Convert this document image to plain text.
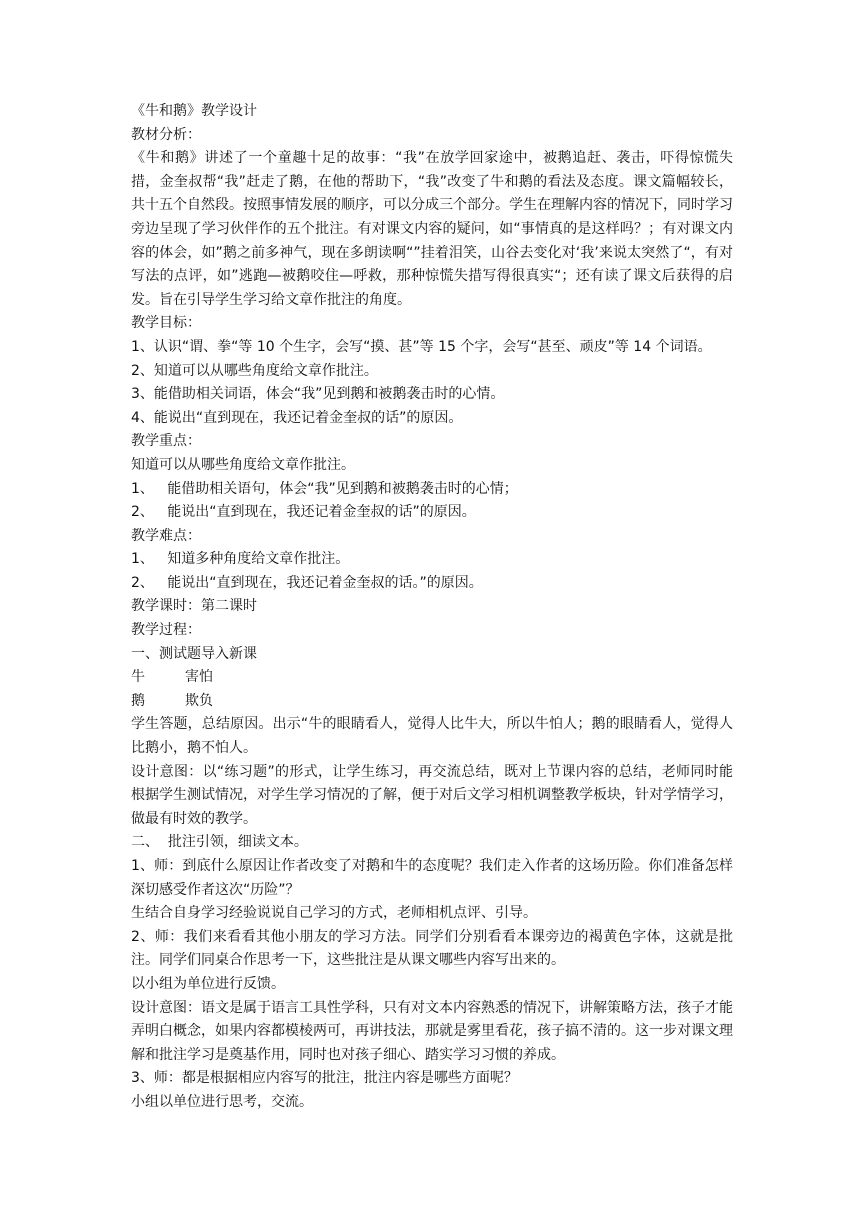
《牛和鹅》教学设计
教材分析：
《牛和鹅》讲述了一个童趣十足的故事：“我”在放学回家途中，被鹅追赶、袭击，吓得惊慌失措，金奎叔帮“我”赶走了鹅，在他的帮助下，“我”改变了牛和鹅的看法及态度。课文篇幅较长，共十五个自然段。按照事情发展的顺序，可以分成三个部分。学生在理解内容的情况下，同时学习旁边呈现了学习伙伴作的五个批注。有对课文内容的疑问，如“事情真的是这样吗？；有对课文内容的体会，如”鹅之前多神气，现在多朗读啊“”挂着泪笑，山谷去变化对‘我’来说太突然了“，有对写法的点评，如”逃跑—被鹅咬住—呼救，那种惊慌失措写得很真实“；还有读了课文后获得的启发。旨在引导学生学习给文章作批注的角度。
教学目标：
1、认识“谓、拳“等 10 个生字，会写“摸、甚”等 15 个字，会写“甚至、顽皮”等 14 个词语。
2、知道可以从哪些角度给文章作批注。
3、能借助相关词语，体会“我”见到鹅和被鹅袭击时的心情。
4、能说出“直到现在，我还记着金奎叔的话”的原因。
教学重点：
知道可以从哪些角度给文章作批注。
1、   能借助相关语句，体会“我”见到鹅和被鹅袭击时的心情；
2、   能说出“直到现在，我还记着金奎叔的话”的原因。
教学难点：
1、   知道多种角度给文章作批注。
2、   能说出“直到现在，我还记着金奎叔的话。”的原因。
教学课时：第二课时
教学过程：
一、测试题导入新课
牛	害怕
鹅	欺负
学生答题，总结原因。出示“牛的眼睛看人，觉得人比牛大，所以牛怕人；鹅的眼睛看人，觉得人比鹅小，鹅不怕人。
设计意图：以“练习题”的形式，让学生练习，再交流总结，既对上节课内容的总结，老师同时能根据学生测试情况，对学生学习情况的了解，便于对后文学习相机调整教学板块，针对学情学习，做最有时效的教学。
二、  批注引领，细读文本。
1、师：到底什么原因让作者改变了对鹅和牛的态度呢？我们走入作者的这场历险。你们准备怎样深切感受作者这次“历险”？
生结合自身学习经验说说自己学习的方式，老师相机点评、引导。
2、师：我们来看看其他小朋友的学习方法。同学们分别看看本课旁边的褐黄色字体，这就是批注。同学们同桌合作思考一下，这些批注是从课文哪些内容写出来的。
以小组为单位进行反馈。
设计意图：语文是属于语言工具性学科，只有对文本内容熟悉的情况下，讲解策略方法，孩子才能弄明白概念，如果内容都模棱两可，再讲技法，那就是雾里看花，孩子搞不清的。这一步对课文理解和批注学习是奠基作用，同时也对孩子细心、踏实学习习惯的养成。
3、师：都是根据相应内容写的批注，批注内容是哪些方面呢？
小组以单位进行思考，交流。
